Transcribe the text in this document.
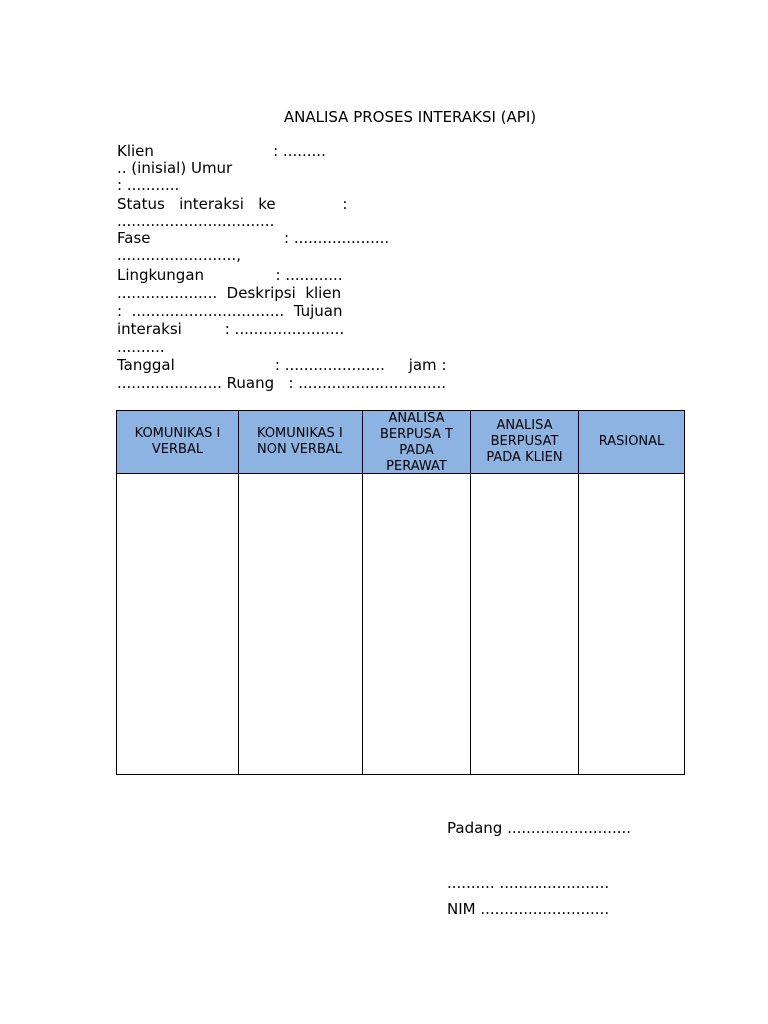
ANALISA PROSES INTERAKSI (API)
Klien                         : .........
.. (inisial) Umur
: ...........
Status   interaksi   ke              :
.................................
Fase                            : ....................
.........................,
Lingkungan               : ............
.....................  Deskripsi  klien
:  ................................  Tujuan
interaksi         : .......................
..........
Tanggal                     : .....................     jam :
...................... Ruang   : ...............................
KOMUNIKAS I VERBAL	KOMUNIKAS I NON VERBAL	ANALISA BERPUSA T PADA PERAWAT	ANALISA BERPUSAT PADA KLIEN	RASIONAL

Padang ..........................
.......... .......................
NIM ...........................
